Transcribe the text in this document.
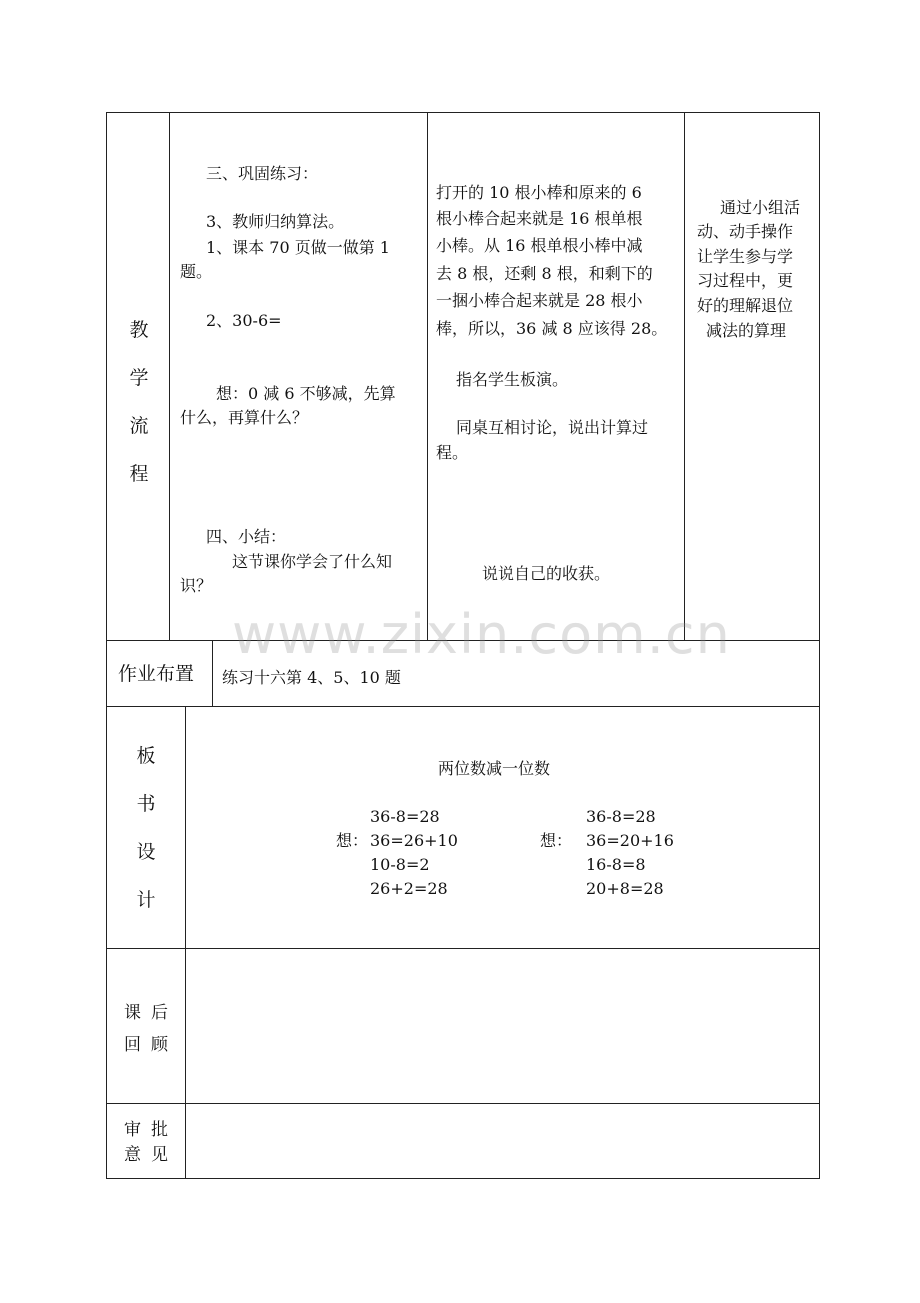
教
学
流
程
三、巩固练习：
3、教师归纳算法。
1、课本 70 页做一做第 1
题。
2、30-6=
想：0 减 6 不够减，先算
什么，再算什么？
四、小结：
这节课你学会了什么知
识？
打开的 10 根小棒和原来的 6
根小棒合起来就是 16 根单根
小棒。从 16 根单根小棒中减
去 8 根，还剩 8 根，和剩下的
一捆小棒合起来就是 28 根小
棒，所以，36 减 8 应该得 28。
指名学生板演。
同桌互相讨论，说出计算过
程。
说说自己的收获。
通过小组活
动、动手操作
让学生参与学
习过程中，更
好的理解退位
减法的算理
www.zixin.com.cn
作业布置 练习十六第 4、5、10 题
板
书
设
计
两位数减一位数
36-8=28
想： 36=26+10
10-8=2
26+2=28
36-8=28
想： 36=20+16
16-8=8
20+8=28
课后
回顾
审批
意见
